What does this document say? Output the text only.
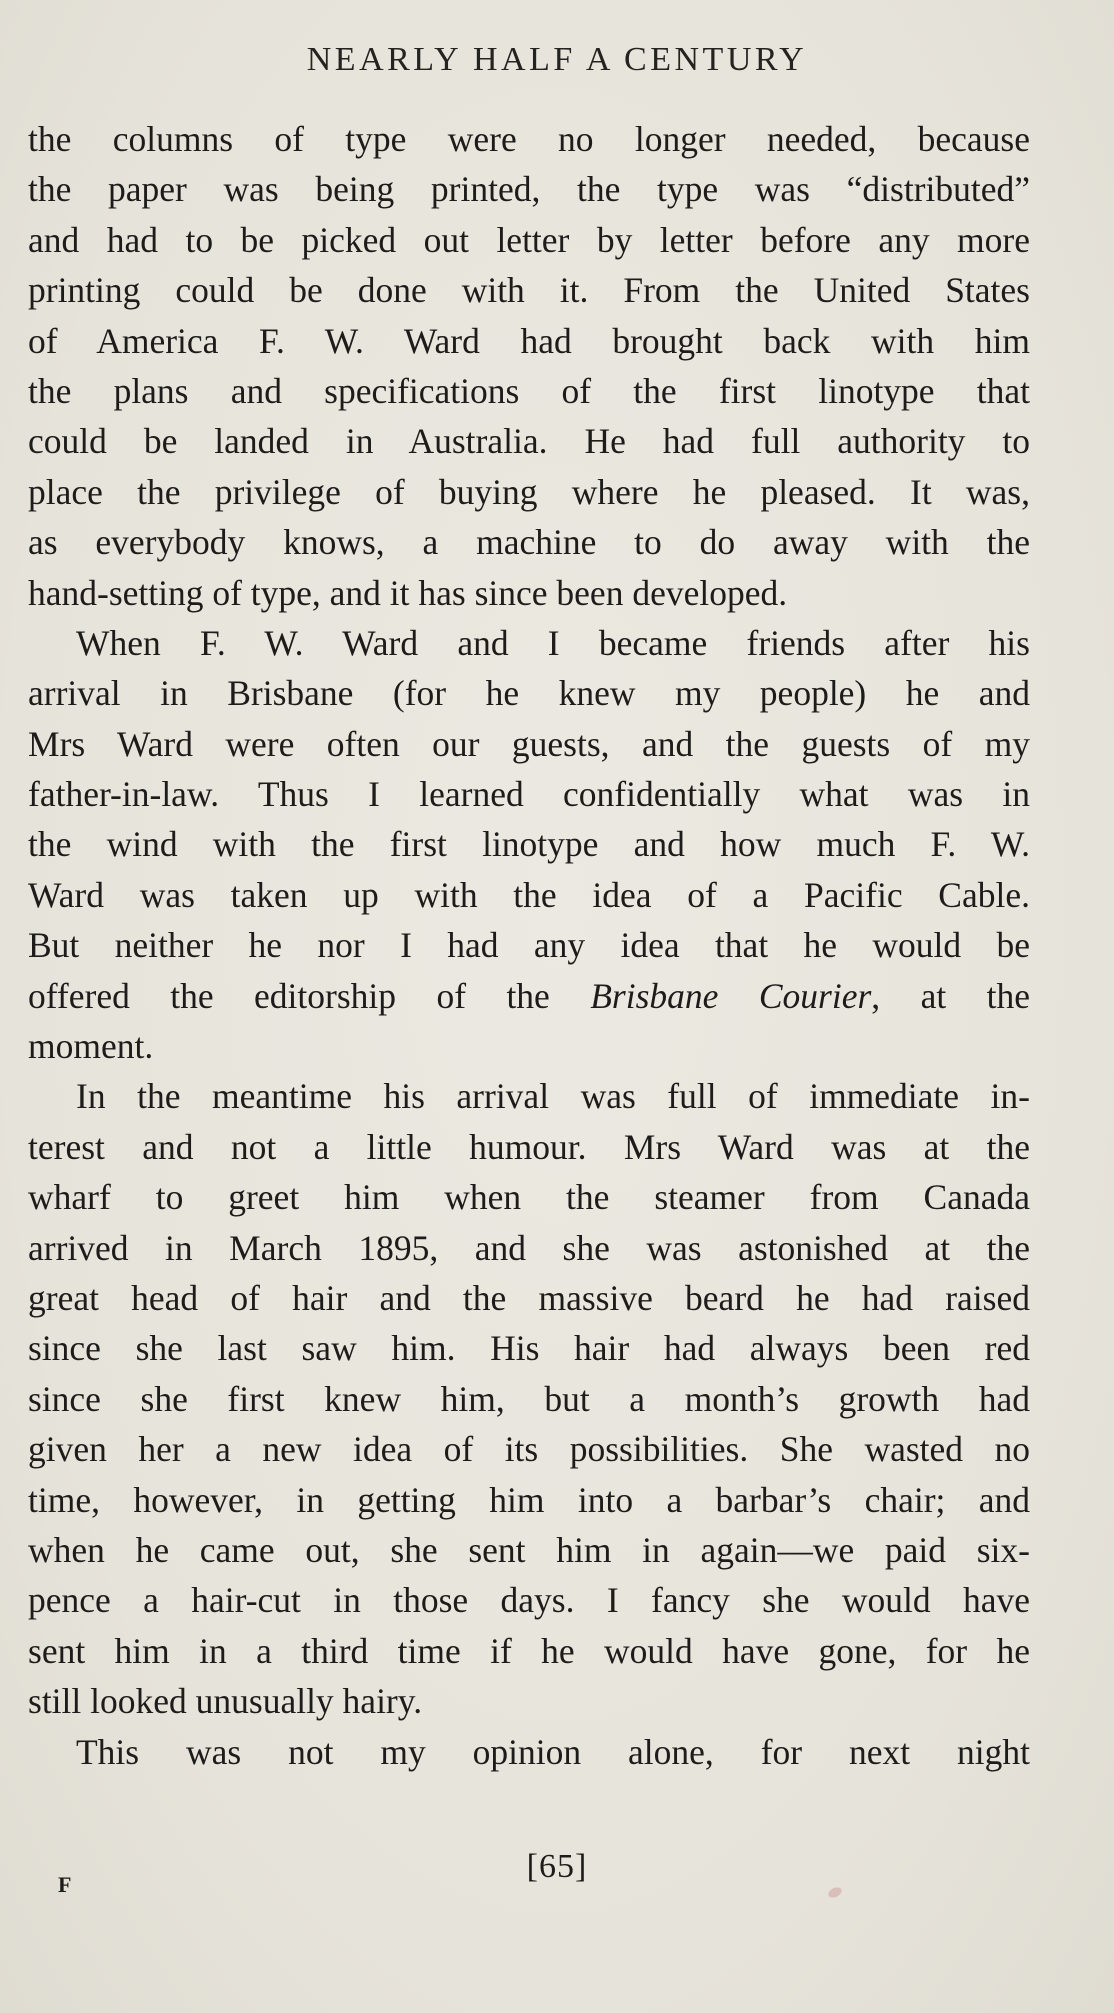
NEARLY HALF A CENTURY
the columns of type were no longer needed, because
the paper was being printed, the type was “distributed”
and had to be picked out letter by letter before any more
printing could be done with it. From the United States
of America F. W. Ward had brought back with him
the plans and specifications of the first linotype that
could be landed in Australia. He had full authority to
place the privilege of buying where he pleased. It was,
as everybody knows, a machine to do away with the
hand-setting of type, and it has since been developed.
When F. W. Ward and I became friends after his
arrival in Brisbane (for he knew my people) he and
Mrs Ward were often our guests, and the guests of my
father-in-law. Thus I learned confidentially what was in
the wind with the first linotype and how much F. W.
Ward was taken up with the idea of a Pacific Cable.
But neither he nor I had any idea that he would be
offered the editorship of the Brisbane Courier, at the
moment.
In the meantime his arrival was full of immediate in-
terest and not a little humour. Mrs Ward was at the
wharf to greet him when the steamer from Canada
arrived in March 1895, and she was astonished at the
great head of hair and the massive beard he had raised
since she last saw him. His hair had always been red
since she first knew him, but a month’s growth had
given her a new idea of its possibilities. She wasted no
time, however, in getting him into a barbar’s chair; and
when he came out, she sent him in again—we paid six-
pence a hair-cut in those days. I fancy she would have
sent him in a third time if he would have gone, for he
still looked unusually hairy.
This was not my opinion alone, for next night
[65]
F
